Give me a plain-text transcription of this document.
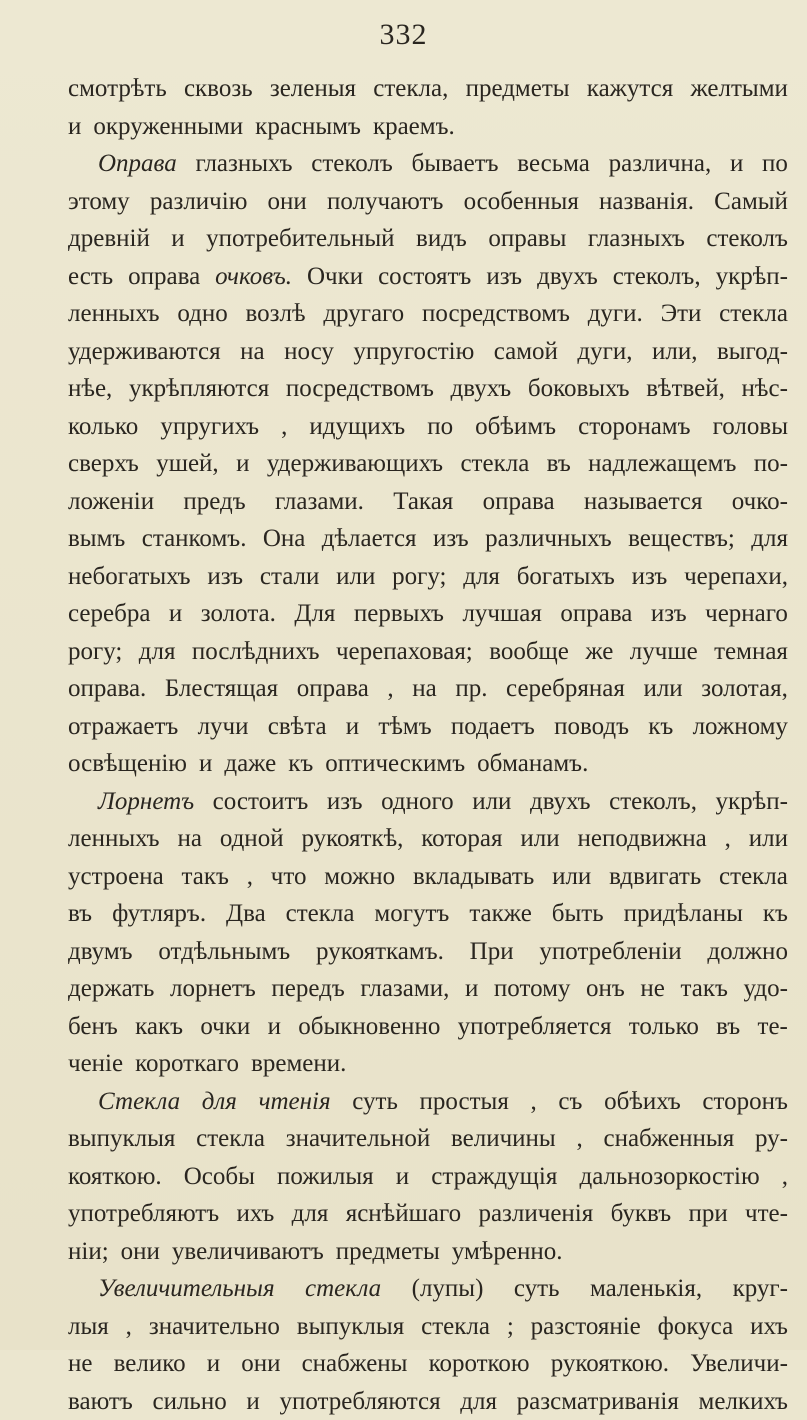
332
смотрѣть сквозь зеленыя стекла, предметы кажутся желтыми
и окруженными краснымъ краемъ.
Оправа глазныхъ стеколъ бываетъ весьма различна, и по
этому различію они получаютъ особенныя названія. Самый
древній и употребительный видъ оправы глазныхъ стеколъ
есть оправа очковъ. Очки состоятъ изъ двухъ стеколъ, укрѣп-
ленныхъ одно возлѣ другаго посредствомъ дуги. Эти стекла
удерживаются на носу упругостію самой дуги, или, выгод-
нѣе, укрѣпляются посредствомъ двухъ боковыхъ вѣтвей, нѣс-
колько упругихъ , идущихъ по обѣимъ сторонамъ головы
сверхъ ушей, и удерживающихъ стекла въ надлежащемъ по-
ложеніи предъ глазами. Такая оправа называется очко-
вымъ станкомъ. Она дѣлается изъ различныхъ веществъ; для
небогатыхъ изъ стали или рогу; для богатыхъ изъ черепахи,
серебра и золота. Для первыхъ лучшая оправа изъ чернаго
рогу; для послѣднихъ черепаховая; вообще же лучше темная
оправа. Блестящая оправа , на пр. серебряная или золотая,
отражаетъ лучи свѣта и тѣмъ подаетъ поводъ къ ложному
освѣщенію и даже къ оптическимъ обманамъ.
Лорнетъ состоитъ изъ одного или двухъ стеколъ, укрѣп-
ленныхъ на одной рукояткѣ, которая или неподвижна , или
устроена такъ , что можно вкладывать или вдвигать стекла
въ футляръ. Два стекла могутъ также быть придѣланы къ
двумъ отдѣльнымъ рукояткамъ. При употребленіи должно
держать лорнетъ передъ глазами, и потому онъ не такъ удо-
бенъ какъ очки и обыкновенно употребляется только въ те-
ченіе короткаго времени.
Стекла для чтенія суть простыя , съ обѣихъ сторонъ
выпуклыя стекла значительной величины , снабженныя ру-
кояткою. Особы пожилыя и страждущія дальнозоркостію ,
употребляютъ ихъ для яснѣйшаго различенія буквъ при чте-
ніи; они увеличиваютъ предметы умѣренно.
Увеличительныя стекла (лупы) суть маленькія, круг-
лыя , значительно выпуклыя стекла ; разстояніе фокуса ихъ
не велико и они снабжены короткою рукояткою. Увеличи-
ваютъ сильно и употребляются для разсматриванія мелкихъ
